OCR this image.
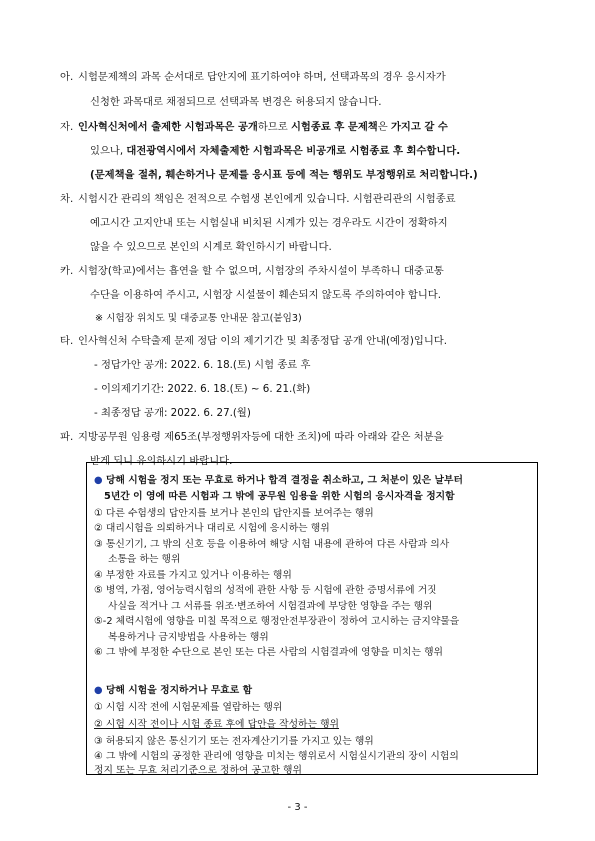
아. 시험문제책의 과목 순서대로 답안지에 표기하여야 하며, 선택과목의 경우 응시자가
신청한 과목대로 채점되므로 선택과목 변경은 허용되지 않습니다.
자. 인사혁신처에서 출제한 시험과목은 공개하므로 시험종료 후 문제책은 가지고 갈 수
있으나, 대전광역시에서 자체출제한 시험과목은 비공개로 시험종료 후 회수합니다.
(문제책을 절취, 훼손하거나 문제를 응시표 등에 적는 행위도 부정행위로 처리합니다.)
차. 시험시간 관리의 책임은 전적으로 수험생 본인에게 있습니다. 시험관리관의 시험종료
예고시간 고지안내 또는 시험실내 비치된 시계가 있는 경우라도 시간이 정확하지
않을 수 있으므로 본인의 시계로 확인하시기 바랍니다.
카. 시험장(학교)에서는 흡연을 할 수 없으며, 시험장의 주차시설이 부족하니 대중교통
수단을 이용하여 주시고, 시험장 시설물이 훼손되지 않도록 주의하여야 합니다.
※ 시험장 위치도 및 대중교통 안내문 참고(붙임3)
타. 인사혁신처 수탁출제 문제 정답 이의 제기기간 및 최종정답 공개 안내(예정)입니다.
- 정답가안 공개: 2022. 6. 18.(토) 시험 종료 후
- 이의제기기간: 2022. 6. 18.(토) ~ 6. 21.(화)
- 최종정답 공개: 2022. 6. 27.(월)
파. 지방공무원 임용령 제65조(부정행위자등에 대한 조치)에 따라 아래와 같은 처분을
받게 되니 유의하시기 바랍니다.
● 당해 시험을 정지 또는 무효로 하거나 합격 결정을 취소하고, 그 처분이 있은 날부터
5년간 이 영에 따른 시험과 그 밖에 공무원 임용을 위한 시험의 응시자격을 정지함
① 다른 수험생의 답안지를 보거나 본인의 답안지를 보여주는 행위
② 대리시험을 의뢰하거나 대리로 시험에 응시하는 행위
③ 통신기기, 그 밖의 신호 등을 이용하여 해당 시험 내용에 관하여 다른 사람과 의사
소통을 하는 행위
④ 부정한 자료를 가지고 있거나 이용하는 행위
⑤ 병역, 가점, 영어능력시험의 성적에 관한 사항 등 시험에 관한 증명서류에 거짓
사실을 적거나 그 서류를 위조·변조하여 시험결과에 부당한 영향을 주는 행위
⑤-2 체력시험에 영향을 미칠 목적으로 행정안전부장관이 정하여 고시하는 금지약물을
복용하거나 금지방법을 사용하는 행위
⑥ 그 밖에 부정한 수단으로 본인 또는 다른 사람의 시험결과에 영향을 미치는 행위
● 당해 시험을 정지하거나 무효로 함
① 시험 시작 전에 시험문제를 열람하는 행위
② 시험 시작 전이나 시험 종료 후에 답안을 작성하는 행위
③ 허용되지 않은 통신기기 또는 전자계산기기를 가지고 있는 행위
④ 그 밖에 시험의 공정한 관리에 영향을 미치는 행위로서 시험실시기관의 장이 시험의
정지 또는 무효 처리기준으로 정하여 공고한 행위
- 3 -
